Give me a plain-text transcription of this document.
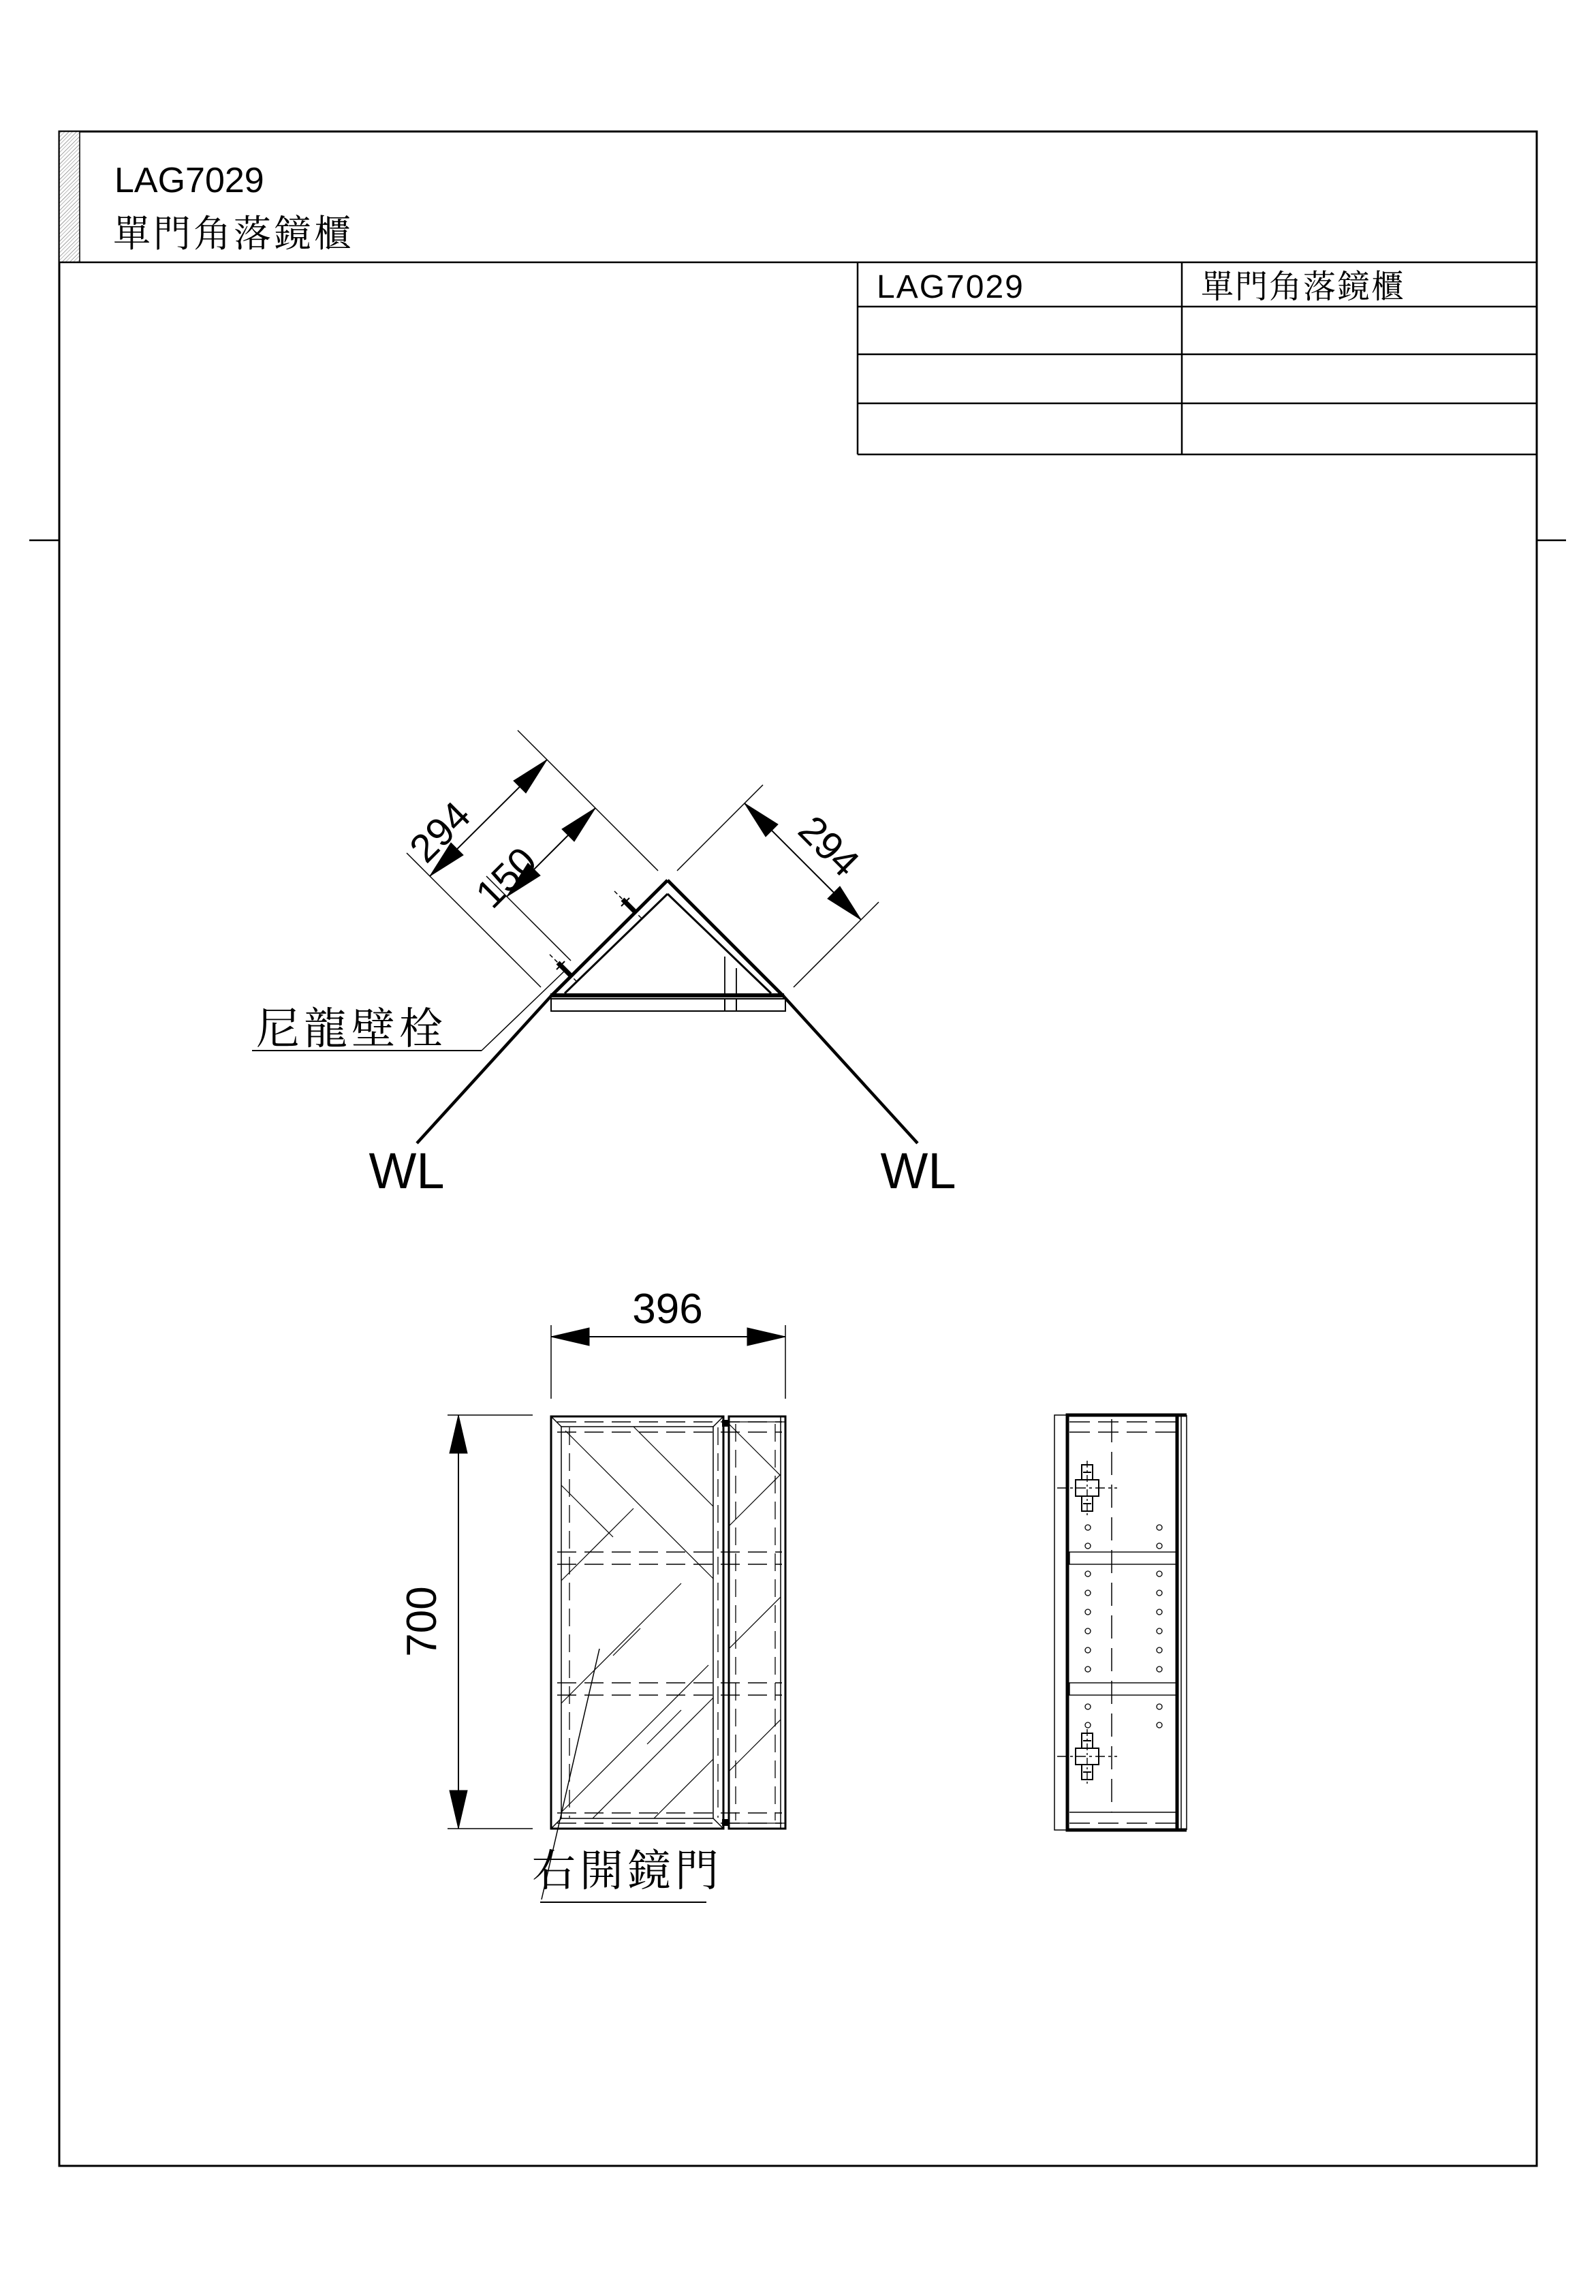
LAG7029
單門角落鏡櫃
LAG7029	單門角落鏡櫃
WL	WL
尼龍壁栓
294
150	294
396
700
右開鏡門
